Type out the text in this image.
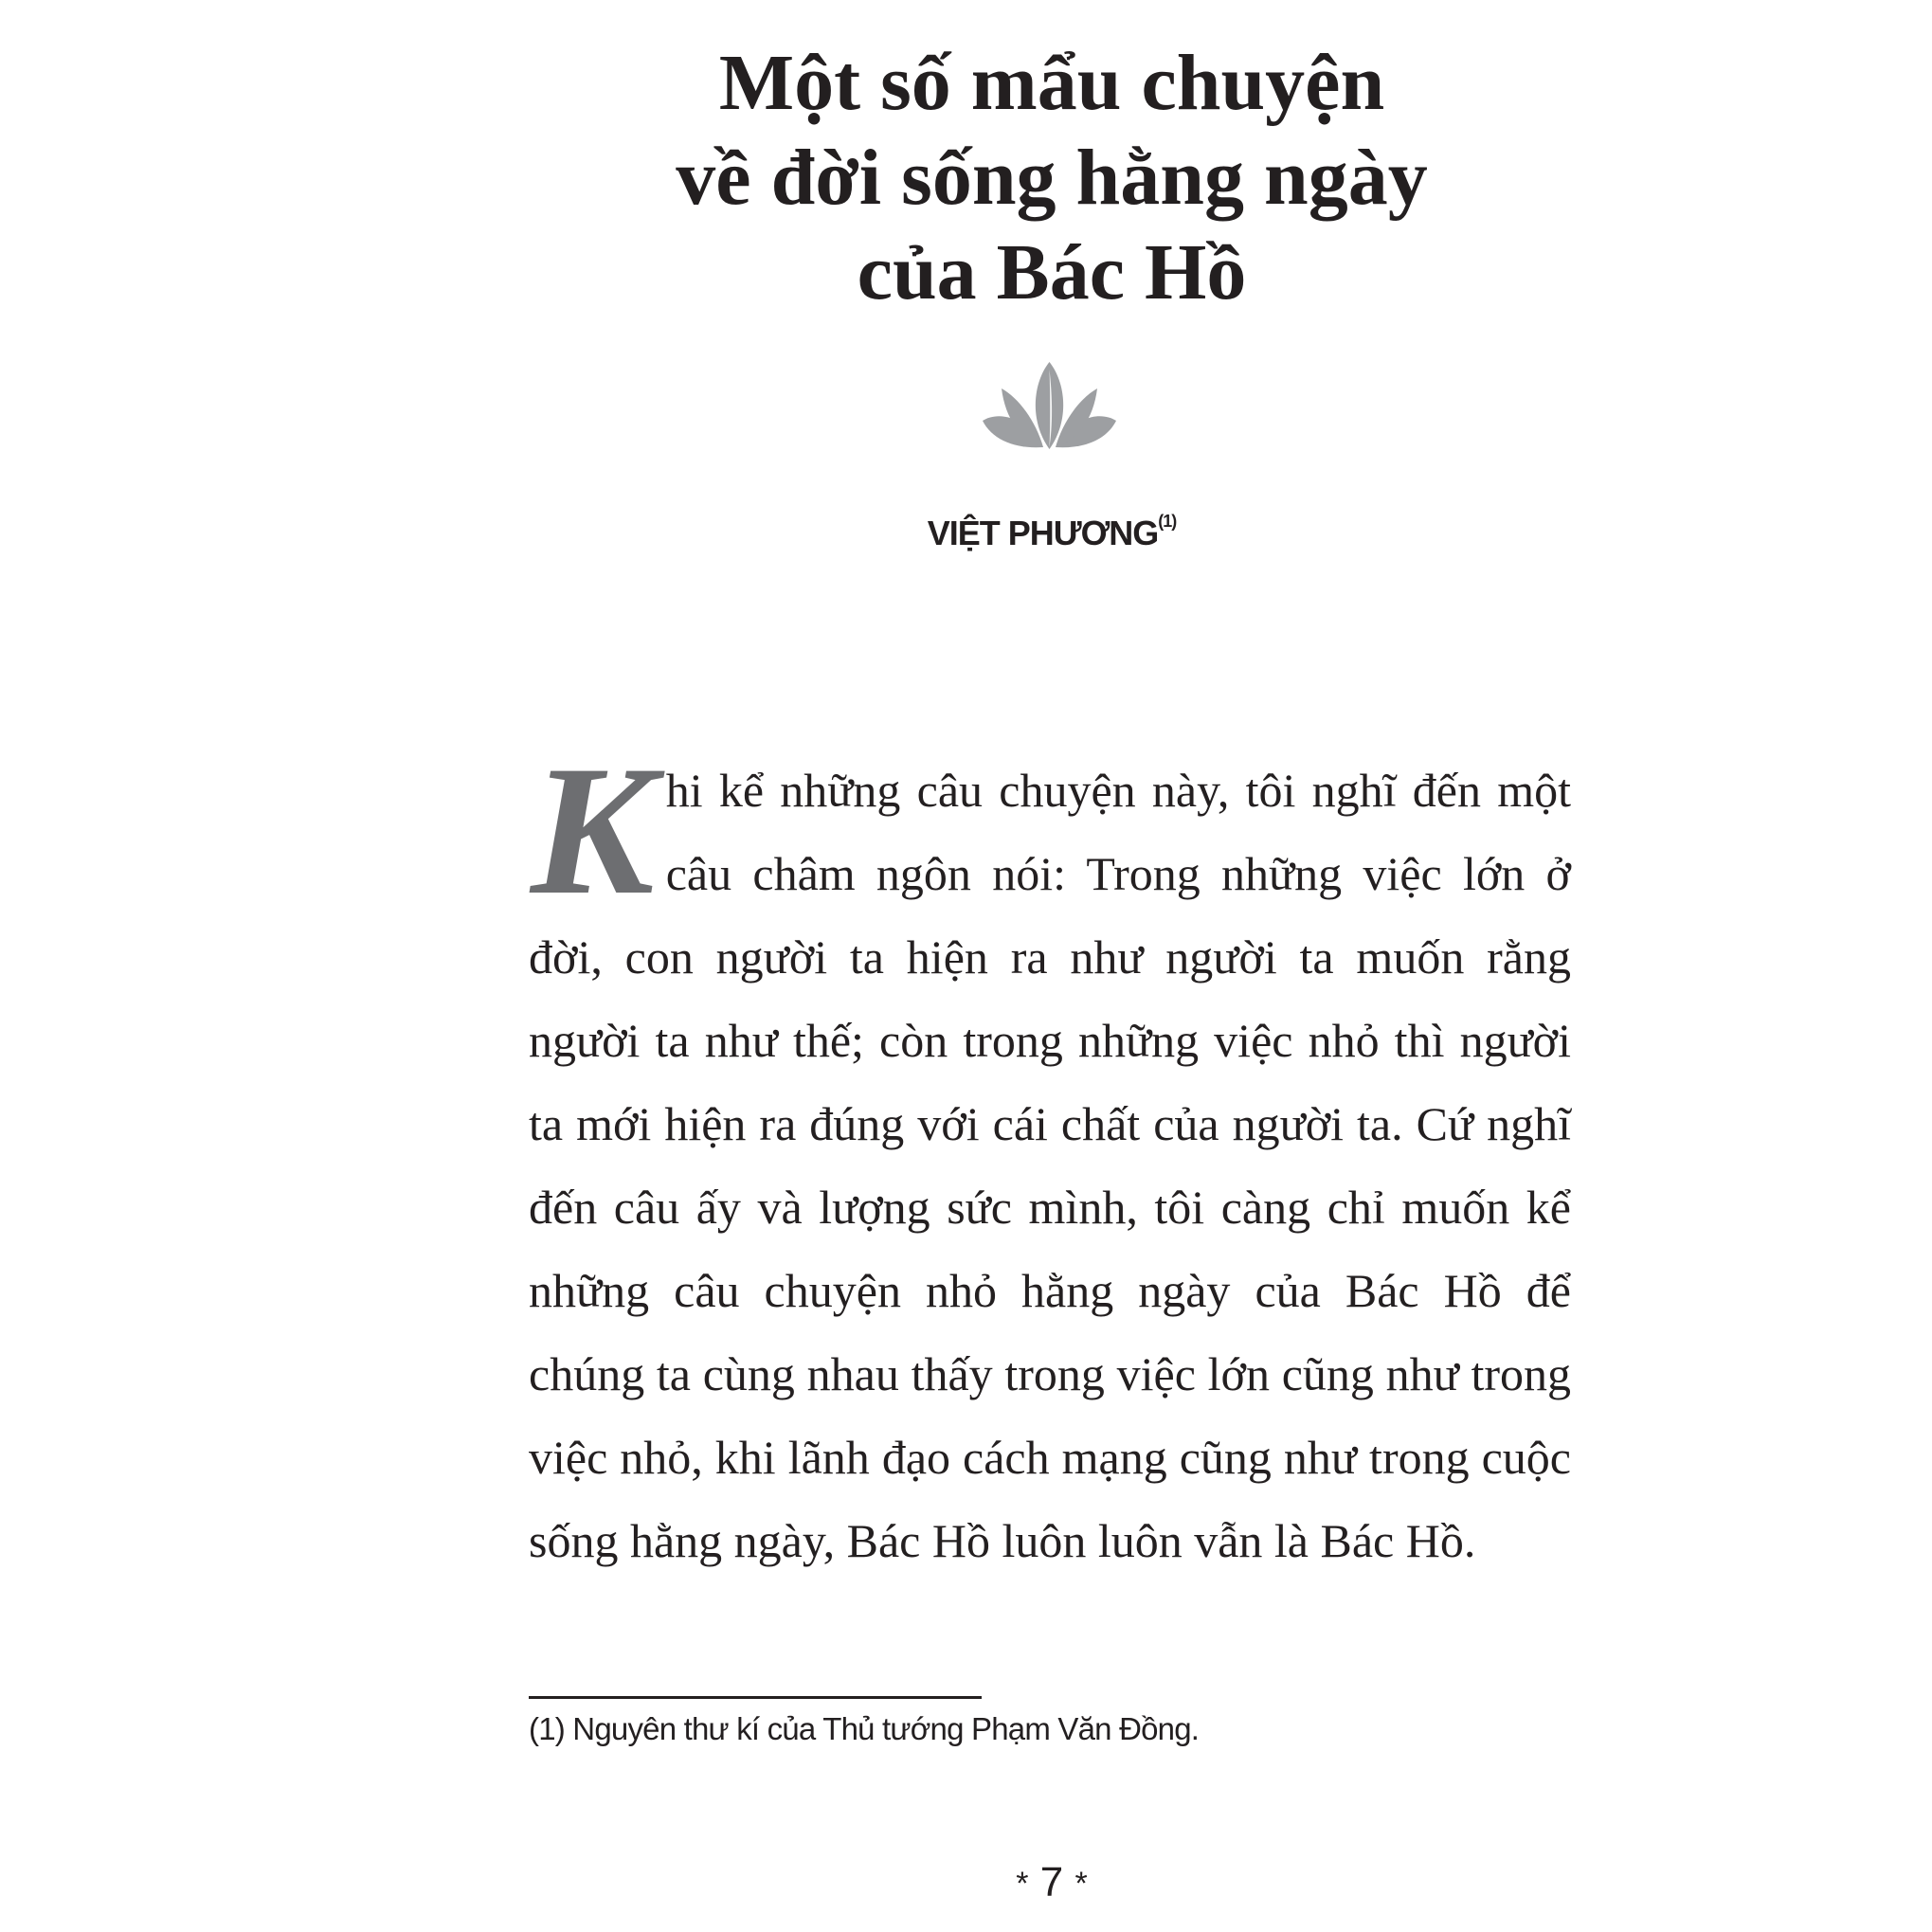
Một số mẩu chuyện
về đời sống hằng ngày
của Bác Hồ
VIỆT PHƯƠNG$^{(1)}$

Khi kể những câu chuyện này, tôi nghĩ đến một câu châm ngôn nói: Trong những việc lớn ở đời, con người ta hiện ra như người ta muốn rằng người ta như thế; còn trong những việc nhỏ thì người ta mới hiện ra đúng với cái chất của người ta. Cứ nghĩ đến câu ấy và lượng sức mình, tôi càng chỉ muốn kể những câu chuyện nhỏ hằng ngày của Bác Hồ để chúng ta cùng nhau thấy trong việc lớn cũng như trong việc nhỏ, khi lãnh đạo cách mạng cũng như trong cuộc sống hằng ngày, Bác Hồ luôn luôn vẫn là Bác Hồ.

(1) Nguyên thư kí của Thủ tướng Phạm Văn Đồng.
* 7 *
